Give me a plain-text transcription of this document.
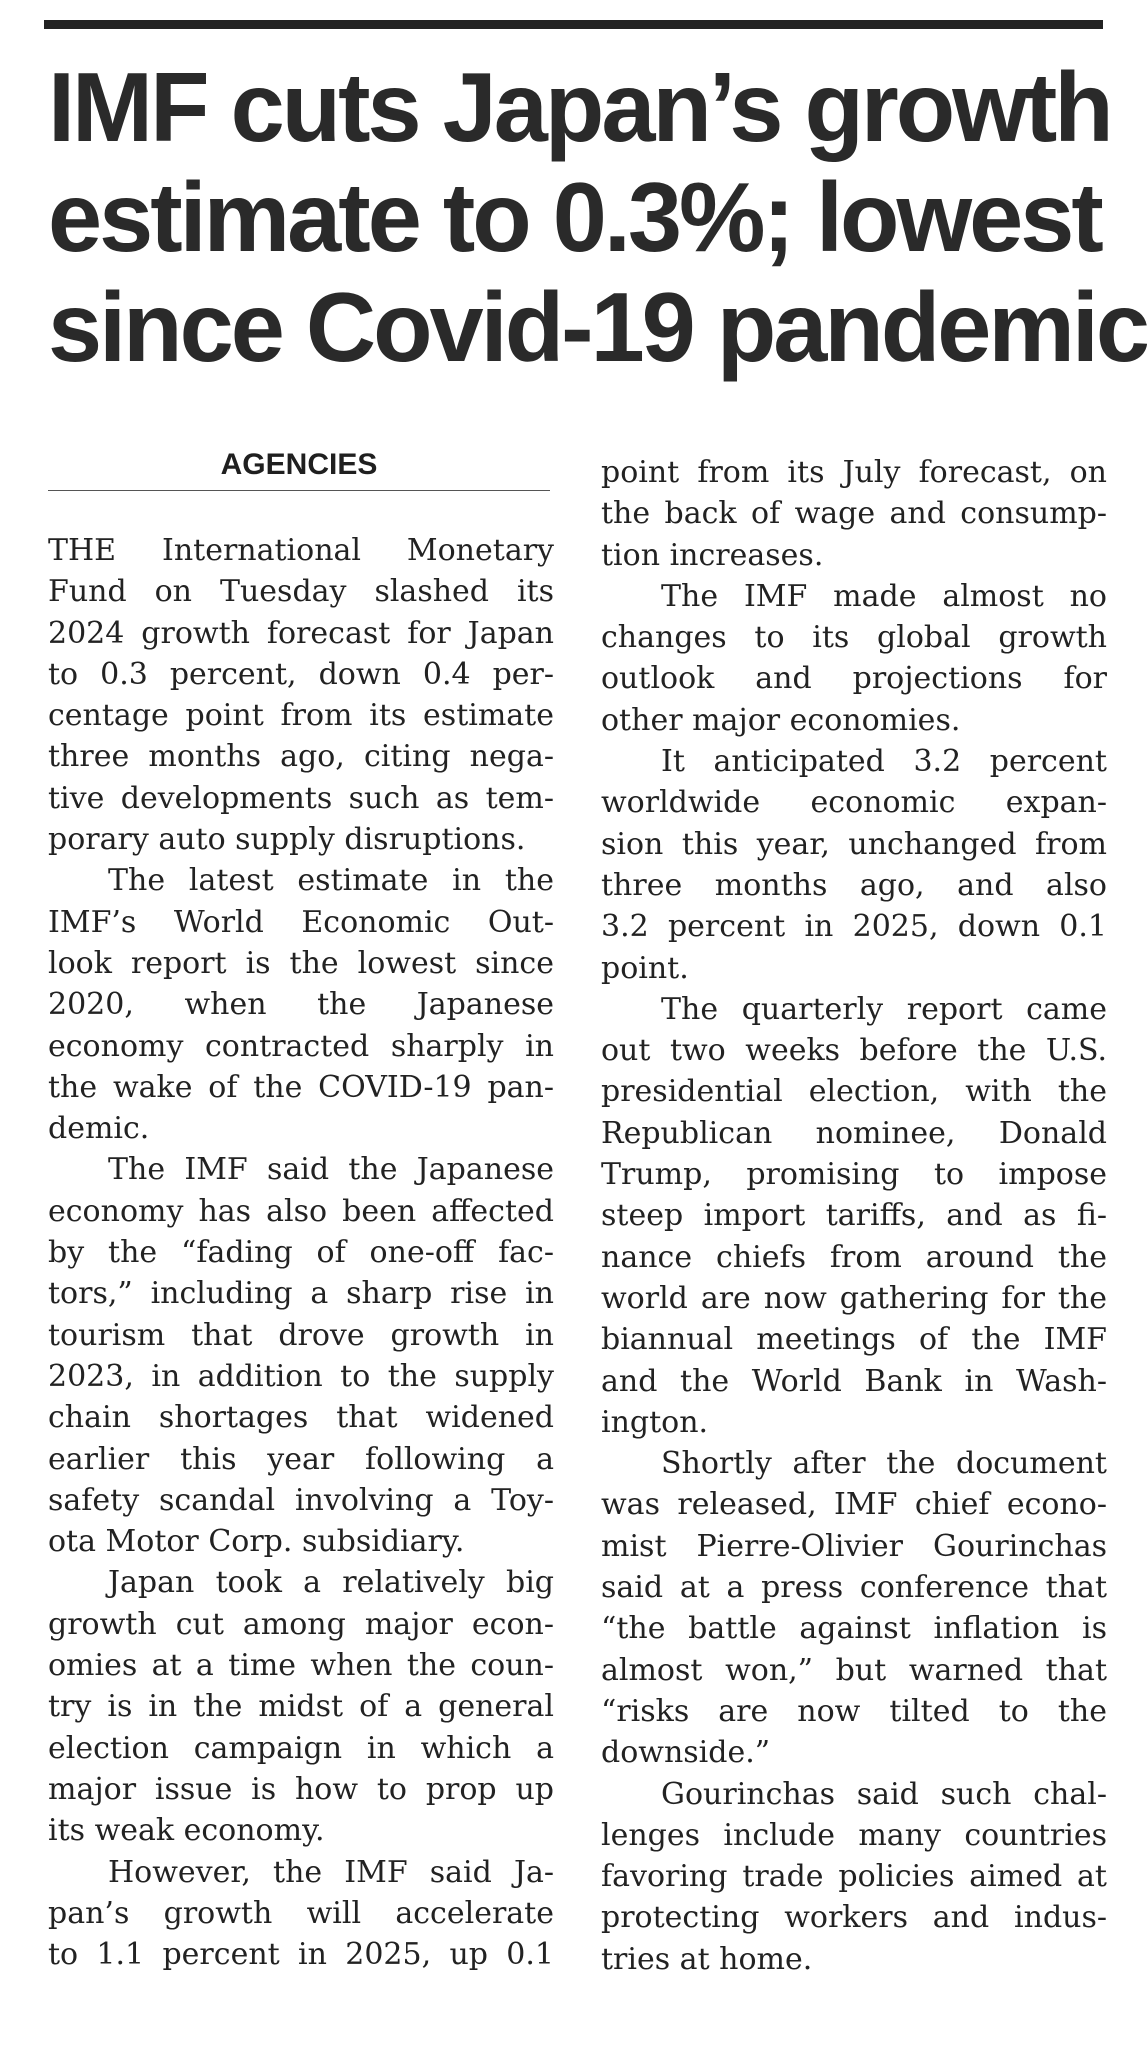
IMF cuts Japan’s growth
estimate to 0.3%; lowest
since Covid-19 pandemic
AGENCIES
THE International Monetary
Fund on Tuesday slashed its
2024 growth forecast for Japan
to 0.3 percent, down 0.4 per-
centage point from its estimate
three months ago, citing nega-
tive developments such as tem-
porary auto supply disruptions.
The latest estimate in the
IMF’s World Economic Out-
look report is the lowest since
2020, when the Japanese
economy contracted sharply in
the wake of the COVID-19 pan-
demic.
The IMF said the Japanese
economy has also been affected
by the “fading of one-off fac-
tors,” including a sharp rise in
tourism that drove growth in
2023, in addition to the supply
chain shortages that widened
earlier this year following a
safety scandal involving a Toy-
ota Motor Corp. subsidiary.
Japan took a relatively big
growth cut among major econ-
omies at a time when the coun-
try is in the midst of a general
election campaign in which a
major issue is how to prop up
its weak economy.
However, the IMF said Ja-
pan’s growth will accelerate
to 1.1 percent in 2025, up 0.1
point from its July forecast, on
the back of wage and consump-
tion increases.
The IMF made almost no
changes to its global growth
outlook and projections for
other major economies.
It anticipated 3.2 percent
worldwide economic expan-
sion this year, unchanged from
three months ago, and also
3.2 percent in 2025, down 0.1
point.
The quarterly report came
out two weeks before the U.S.
presidential election, with the
Republican nominee, Donald
Trump, promising to impose
steep import tariffs, and as fi-
nance chiefs from around the
world are now gathering for the
biannual meetings of the IMF
and the World Bank in Wash-
ington.
Shortly after the document
was released, IMF chief econo-
mist Pierre-Olivier Gourinchas
said at a press conference that
“the battle against inflation is
almost won,” but warned that
“risks are now tilted to the
downside.”
Gourinchas said such chal-
lenges include many countries
favoring trade policies aimed at
protecting workers and indus-
tries at home.
